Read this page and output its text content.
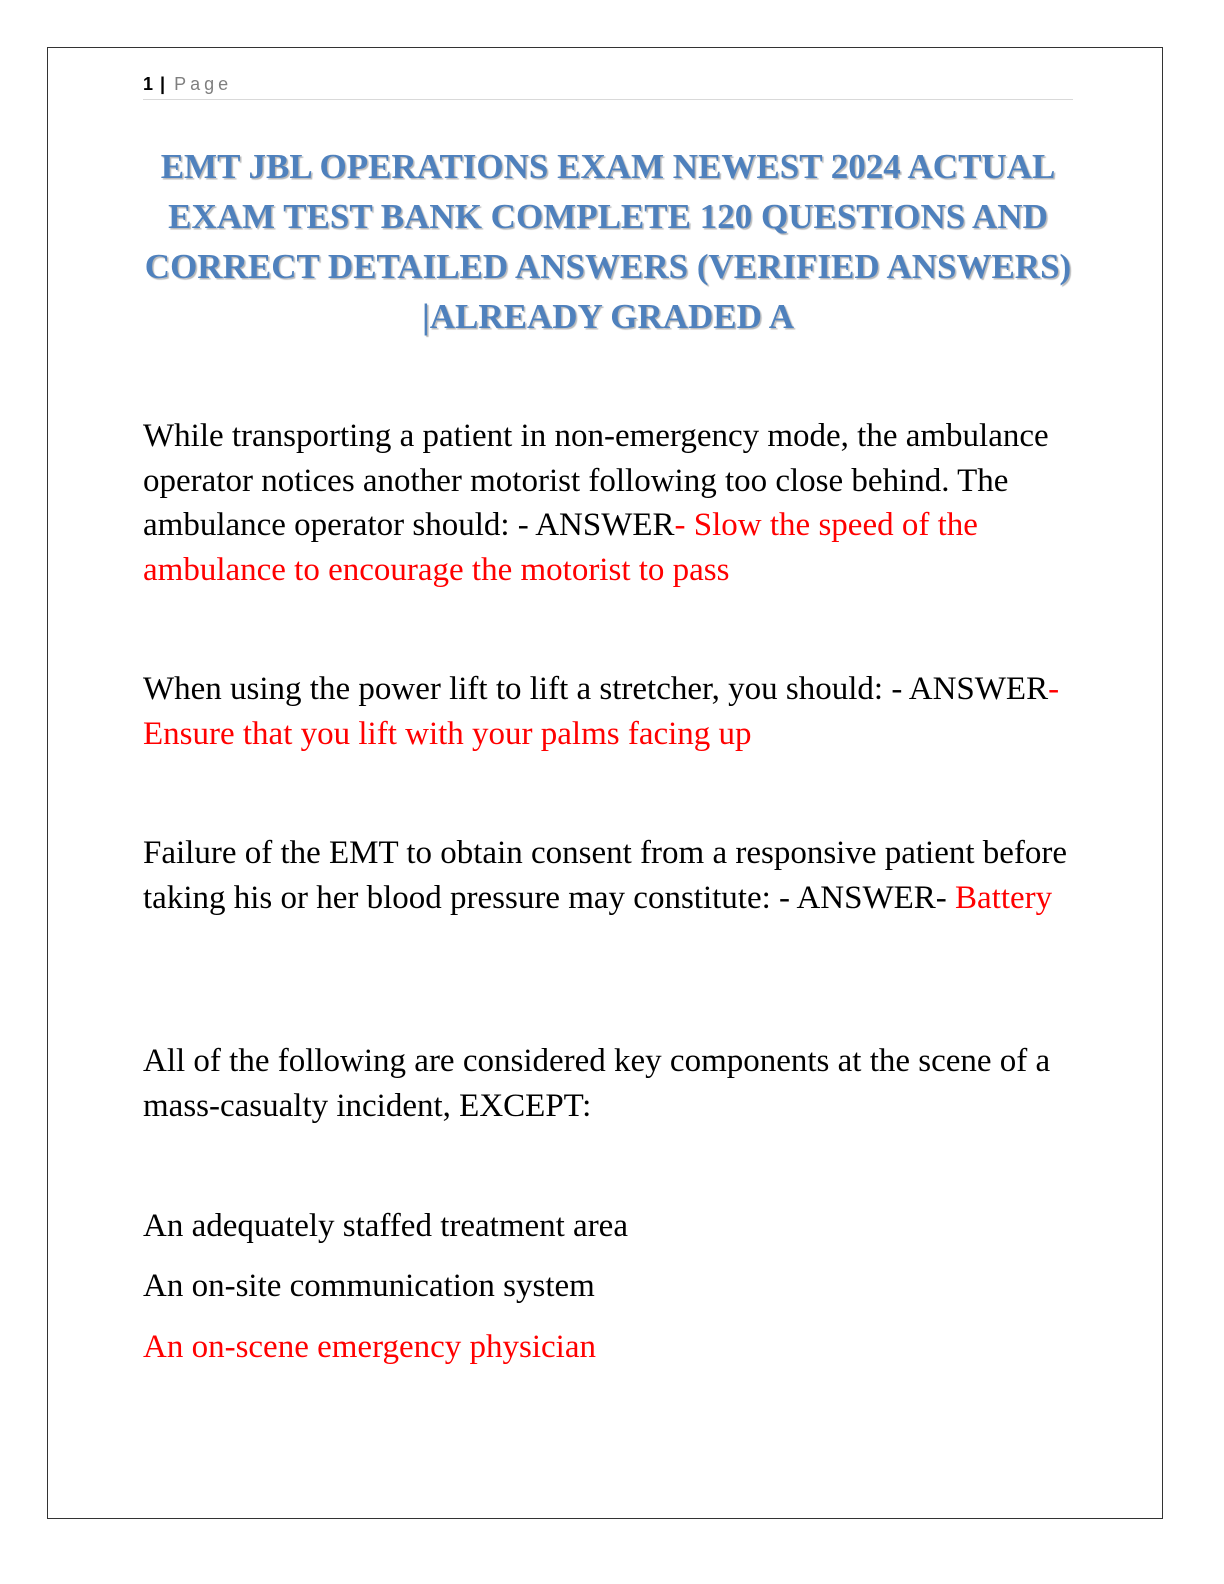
1 | Page
EMT JBL OPERATIONS EXAM NEWEST 2024 ACTUAL EXAM TEST BANK COMPLETE 120 QUESTIONS AND CORRECT DETAILED ANSWERS (VERIFIED ANSWERS) |ALREADY GRADED A

While transporting a patient in non-emergency mode, the ambulance operator notices another motorist following too close behind. The ambulance operator should: - ANSWER- Slow the speed of the ambulance to encourage the motorist to pass

When using the power lift to lift a stretcher, you should: - ANSWER- Ensure that you lift with your palms facing up

Failure of the EMT to obtain consent from a responsive patient before taking his or her blood pressure may constitute: - ANSWER- Battery

All of the following are considered key components at the scene of a mass-casualty incident, EXCEPT:

An adequately staffed treatment area

An on-site communication system

An on-scene emergency physician
